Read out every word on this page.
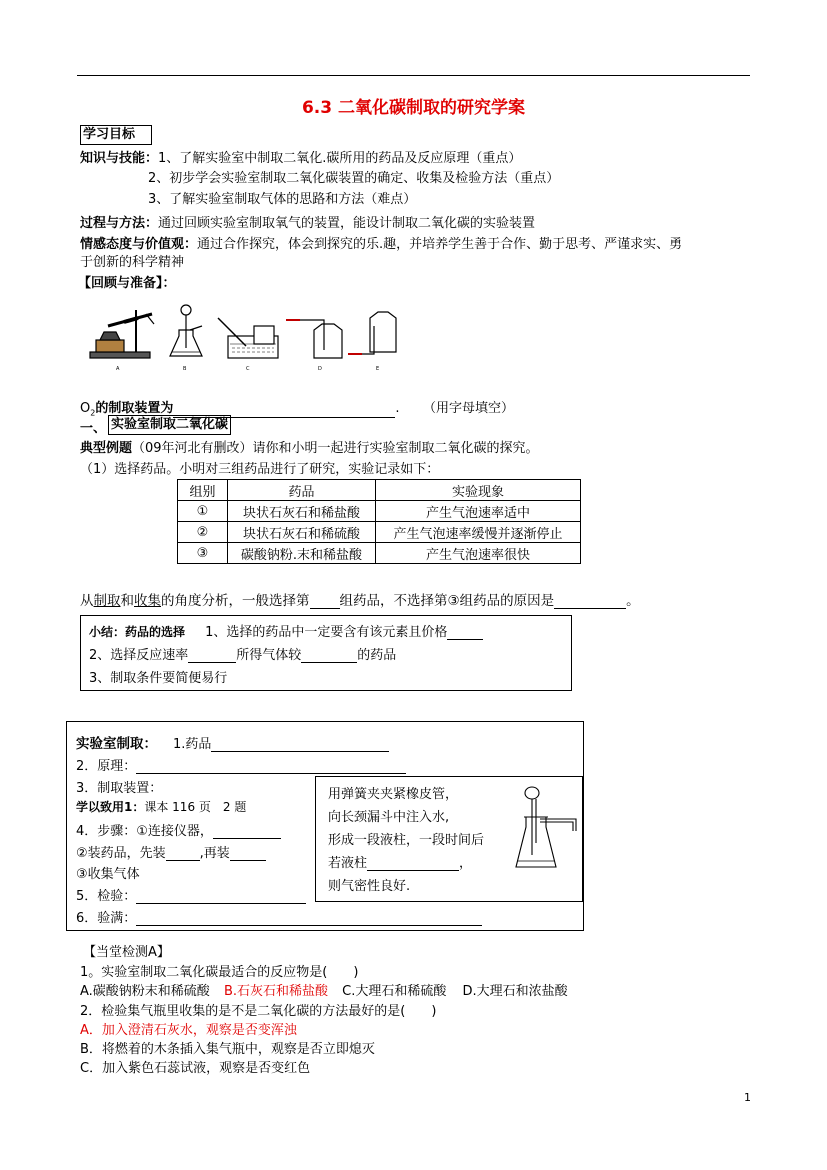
6.3 二氧化碳制取的研究学案
学习目标
知识与技能：1、了解实验室中制取二氧化.碳所用的药品及反应原理（重点）
2、初步学会实验室制取二氧化碳装置的确定、收集及检验方法（重点）
3、了解实验室制取气体的思路和方法（难点）
过程与方法：通过回顾实验室制取氧气的装置，能设计制取二氧化碳的实验装置
情感态度与价值观：通过合作探究，体会到探究的乐.趣，并培养学生善于合作、勤于思考、严谨求实、勇
于创新的科学精神
【回顾与准备】：
A	B	C	D	E
$O_2$的制取装置为	. （用字母填空）
一、 实验室制取二氧化碳
典型例题（09年河北有删改）请你和小明一起进行实验室制取二氧化碳的探究。
（1）选择药品。小明对三组药品进行了研究，实验记录如下：
组别	药品	实验现象
①	块状石灰石和稀盐酸	产生气泡速率适中
②	块状石灰石和稀硫酸	产生气泡速率缓慢并逐渐停止
③	碳酸钠粉.末和稀盐酸	产生气泡速率很快
从制取和收集的角度分析，一般选择第 组药品，不选择第③组药品的原因是	。
小结：药品的选择 1、选择的药品中一定要含有该元素且价格
2、选择反应速率	所得气体较	的药品
3、制取条件要简便易行
实验室制取： 1.药品
2．原理：
3．制取装置：
学以致用1：课本 116 页　2 题
4．步骤：①连接仪器，
②装药品，先装	,再装
③收集气体
5．检验：
6．验满：
用弹簧夹夹紧橡皮管，
向长颈漏斗中注入水,
形成一段液柱，一段时间后
若液柱	，
则气密性良好.
【当堂检测A】
1。实验室制取二氧化碳最适合的反应物是(　　)
A.碳酸钠粉末和稀硫酸 B.石灰石和稀盐酸 C.大理石和稀硫酸 D.大理石和浓盐酸
2．检验集气瓶里收集的是不是二氧化碳的方法最好的是(　　)
A．加入澄清石灰水，观察是否变浑浊
B．将燃着的木条插入集气瓶中，观察是否立即熄灭
C．加入紫色石蕊试液，观察是否变红色
1
